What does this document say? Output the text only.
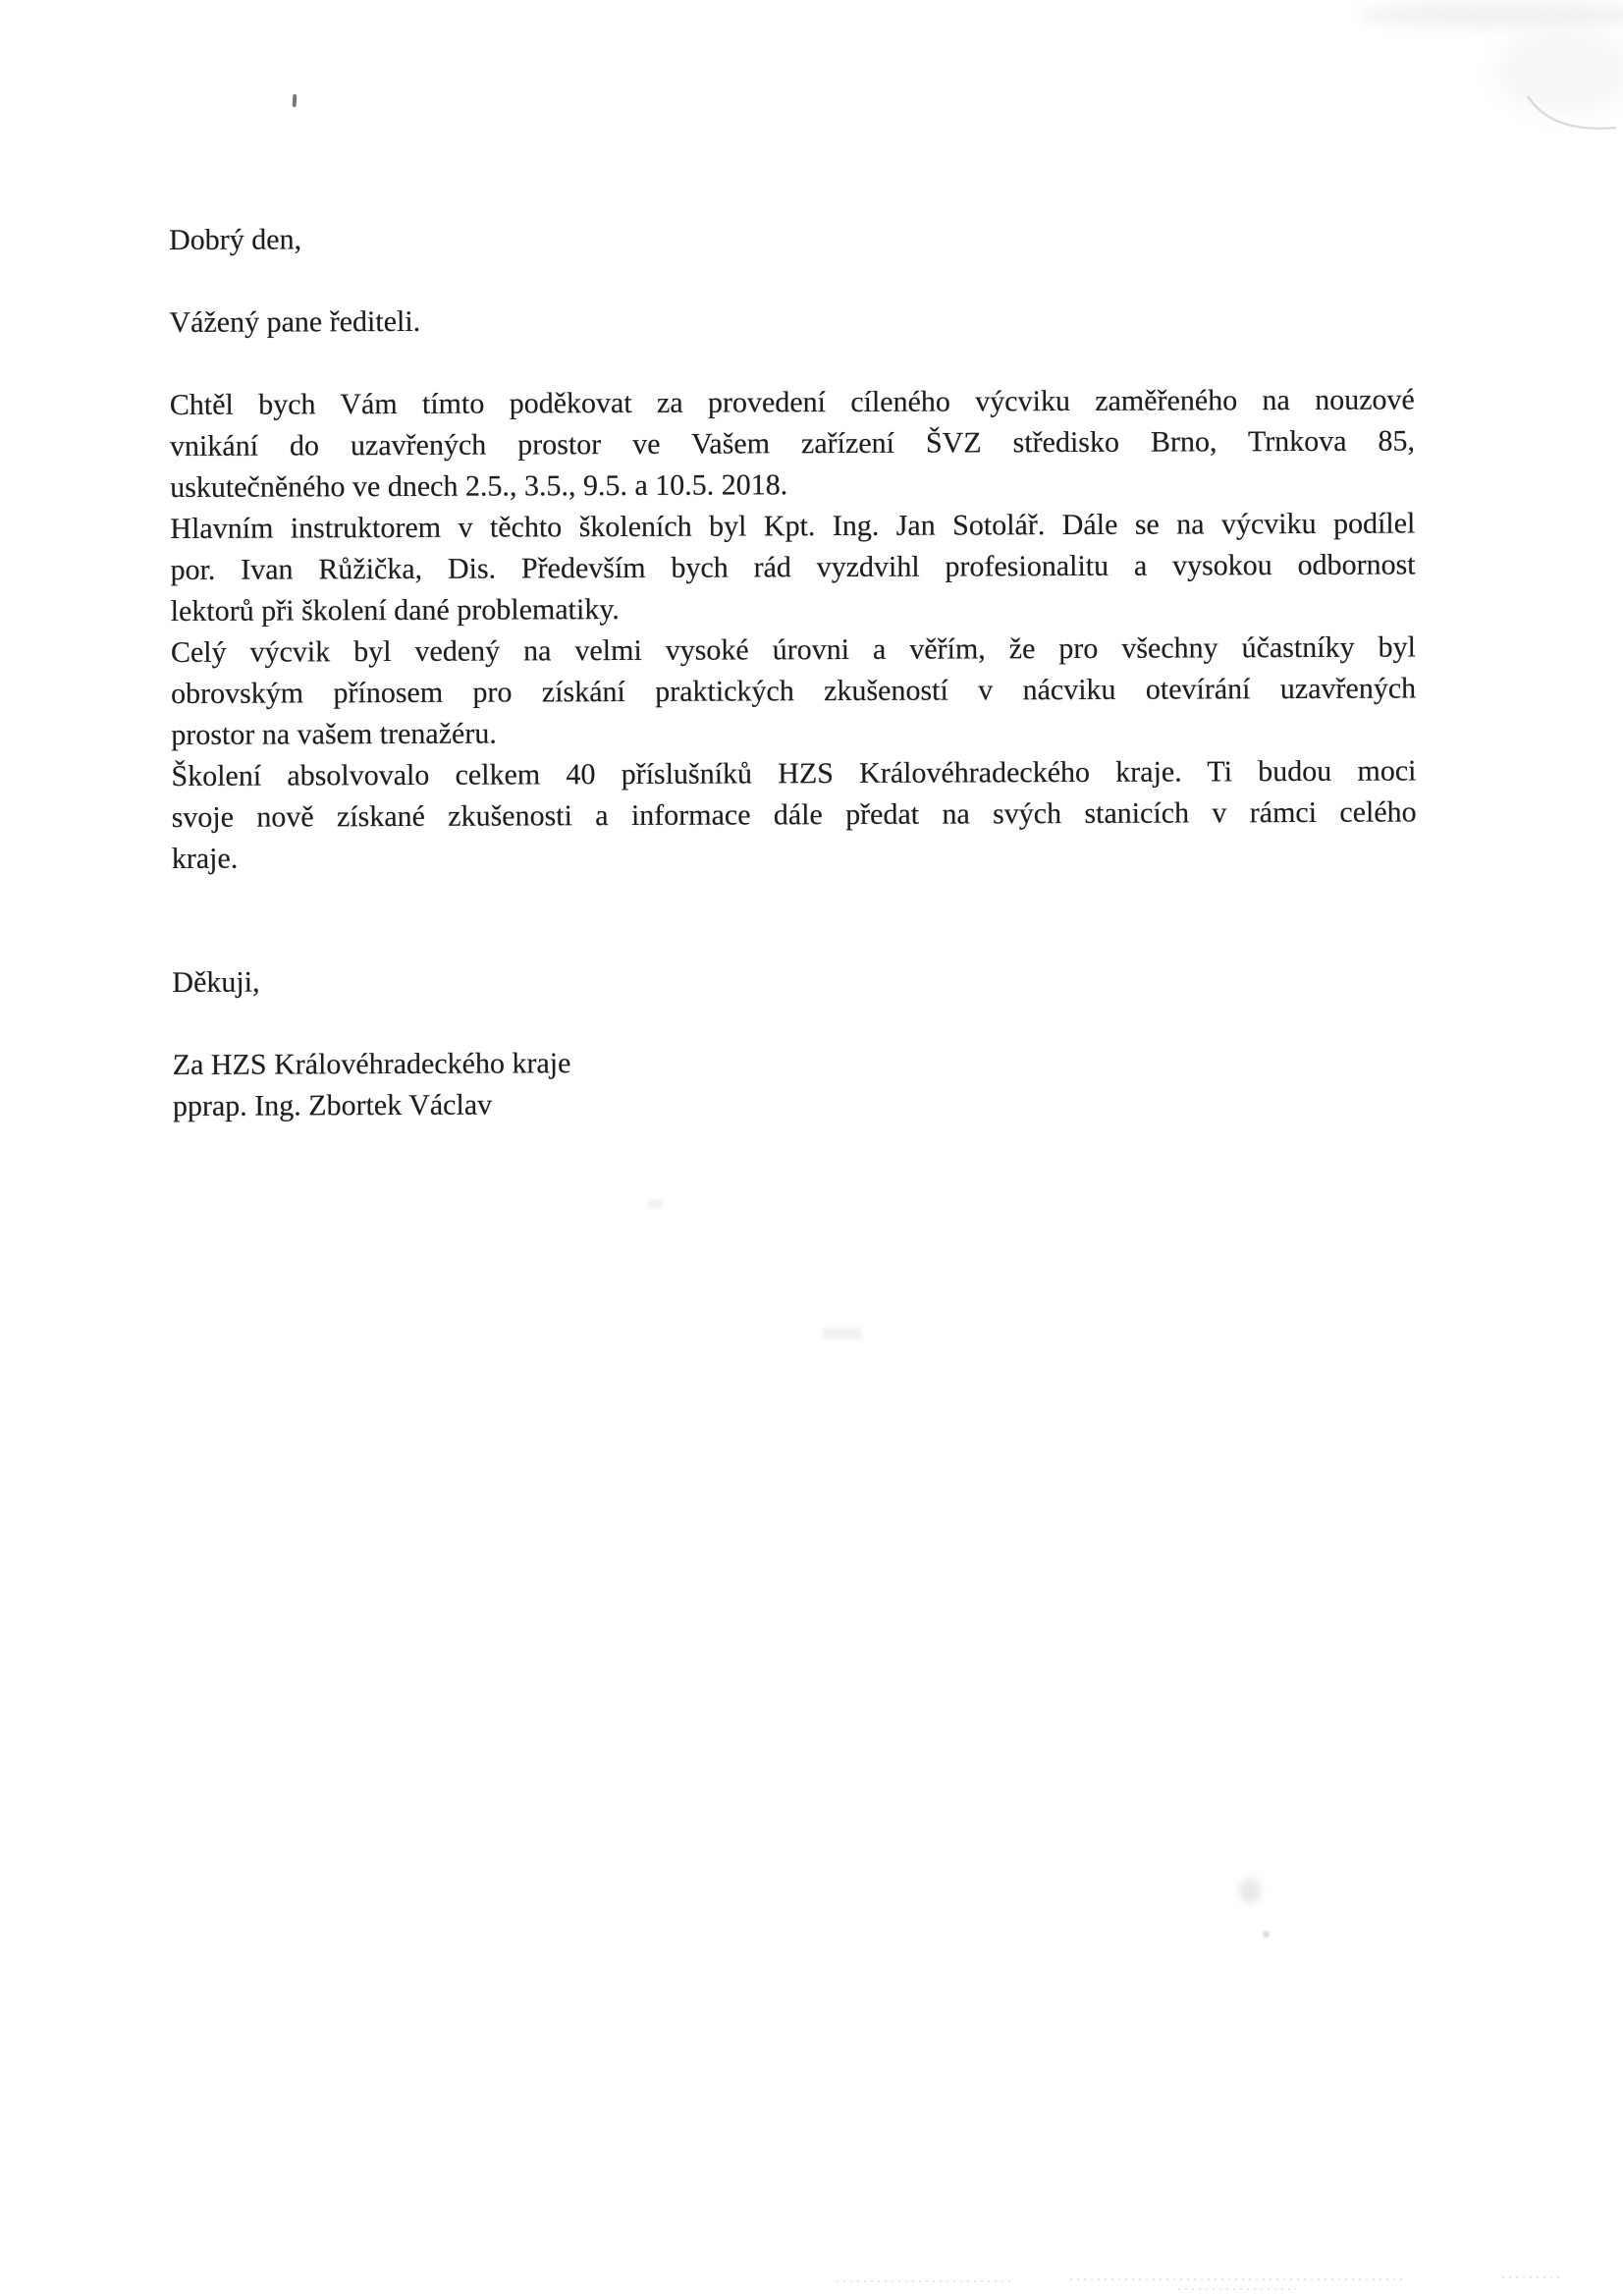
Dobrý den,

Vážený pane řediteli.

Chtěl bych Vám tímto poděkovat za provedení cíleného výcviku zaměřeného na nouzové
vnikání do uzavřených prostor ve Vašem zařízení ŠVZ středisko Brno, Trnkova 85,
uskutečněného ve dnech 2.5., 3.5., 9.5. a 10.5. 2018.
Hlavním instruktorem v těchto školeních byl Kpt. Ing. Jan Sotolář. Dále se na výcviku podílel
por. Ivan Růžička, Dis. Především bych rád vyzdvihl profesionalitu a vysokou odbornost
lektorů při školení dané problematiky.
Celý výcvik byl vedený na velmi vysoké úrovni a věřím, že pro všechny účastníky byl
obrovským přínosem pro získání praktických zkušeností v nácviku otevírání uzavřených
prostor na vašem trenažéru.
Školení absolvovalo celkem 40 příslušníků HZS Královéhradeckého kraje. Ti budou moci
svoje nově získané zkušenosti a informace dále předat na svých stanicích v rámci celého
kraje.

Děkuji,

Za HZS Královéhradeckého kraje

pprap. Ing. Zbortek Václav
